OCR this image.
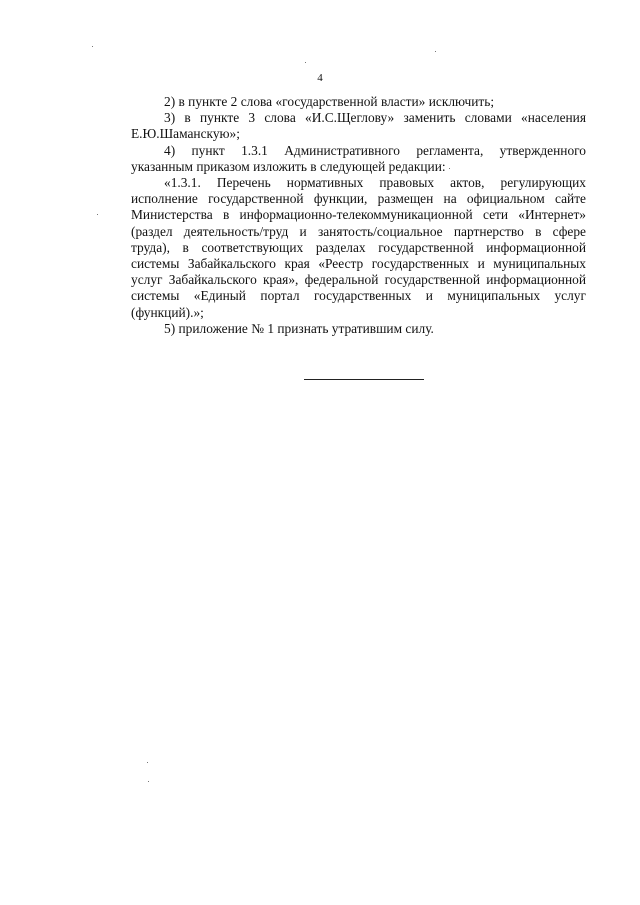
4
2) в пункте 2 слова «государственной власти» исключить;
3) в пункте 3 слова «И.С.Щеглову» заменить словами «населения
Е.Ю.Шаманскую»;
4) пункт 1.3.1 Административного регламента, утвержденного
указанным приказом изложить в следующей редакции:
«1.3.1. Перечень нормативных правовых актов, регулирующих
исполнение государственной функции, размещен на официальном сайте
Министерства в информационно-телекоммуникационной сети «Интернет»
(раздел деятельность/труд и занятость/социальное партнерство в сфере
труда), в соответствующих разделах государственной информационной
системы Забайкальского края «Реестр государственных и муниципальных
услуг Забайкальского края», федеральной государственной информационной
системы «Единый портал государственных и муниципальных услуг
(функций).»;
5) приложение № 1 признать утратившим силу.
